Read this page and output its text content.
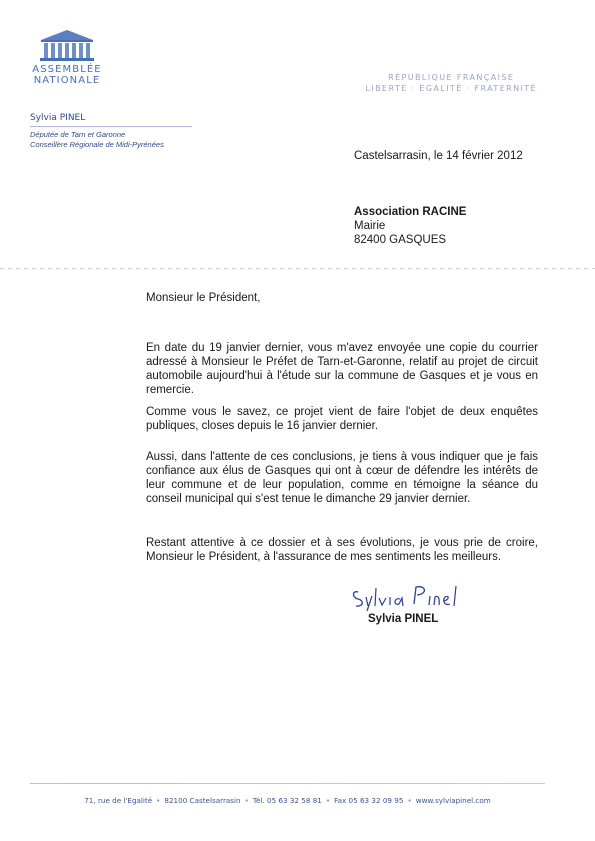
ASSEMBLÉE
NATIONALE	RÉPUBLIQUE FRANÇAISE
LIBERTÉ · ÉGALITÉ · FRATERNITÉ
Sylvia PINEL
Députée de Tarn et Garonne
Conseillère Régionale de Midi-Pyrénées
Castelsarrasin, le 14 février 2012
Association RACINE
Mairie
82400 GASQUES
Monsieur le Président,
En date du 19 janvier dernier, vous m'avez envoyée une copie du courrier adressé à Monsieur le Préfet de Tarn-et-Garonne, relatif au projet de circuit automobile aujourd'hui à l'étude sur la commune de Gasques et je vous en remercie.
Comme vous le savez, ce projet vient de faire l'objet de deux enquêtes publiques, closes depuis le 16 janvier dernier.
Aussi, dans l'attente de ces conclusions, je tiens à vous indiquer que je fais confiance aux élus de Gasques qui ont à cœur de défendre les intérêts de leur commune et de leur population, comme en témoigne la séance du conseil municipal qui s'est tenue le dimanche 29 janvier dernier.
Restant attentive à ce dossier et à ses évolutions, je vous prie de croire, Monsieur le Président, à l'assurance de mes sentiments les meilleurs.
Sylvia PINEL
71, rue de l'Egalité • 82100 Castelsarrasin • Tél. 05 63 32 58 81 • Fax 05 63 32 09 95 • www.sylviapinel.com
